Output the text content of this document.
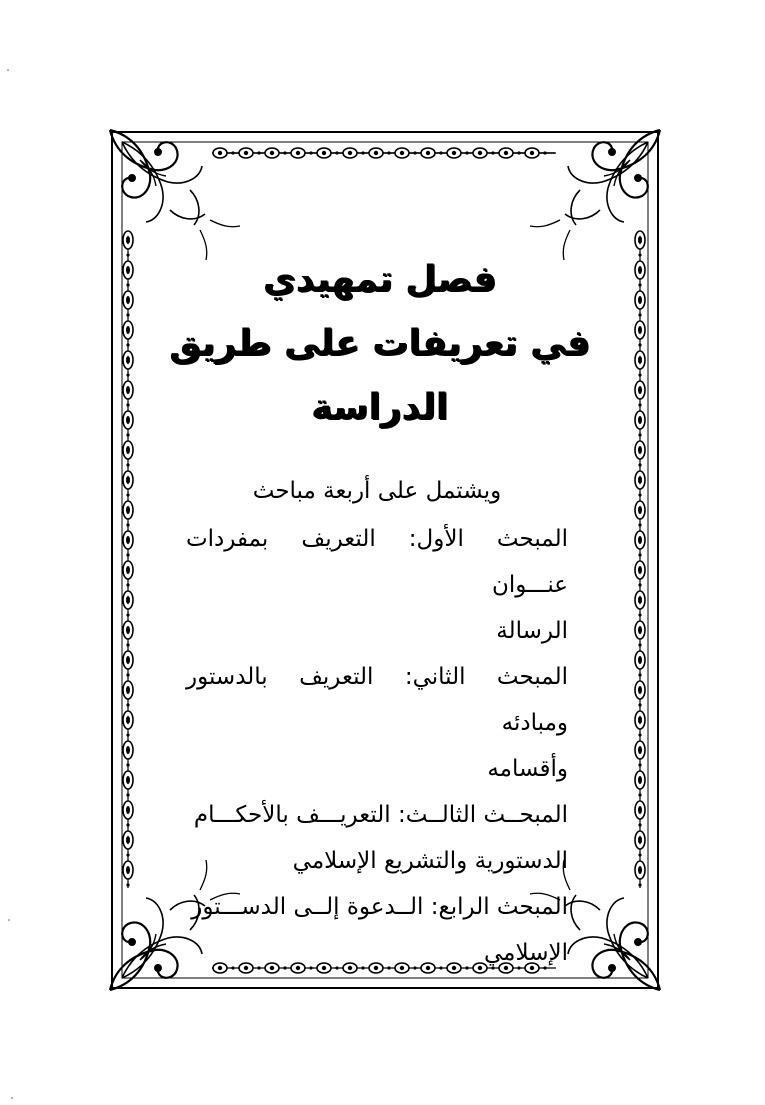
فصل تمهيدي
في تعريفات على طريق
الدراسة
ويشتمل على أربعة مباحث
المبحث الأول: التعريف بمفردات عنـــوان
الرسالة
المبحث الثاني: التعريف بالدستور ومبادئه
وأقسامه
المبحــث الثالــث: التعريـــف بالأحكـــام
الدستورية والتشريع الإسلامي
المبحث الرابع: الــدعوة إلــى الدســـتور
الإسلامي
